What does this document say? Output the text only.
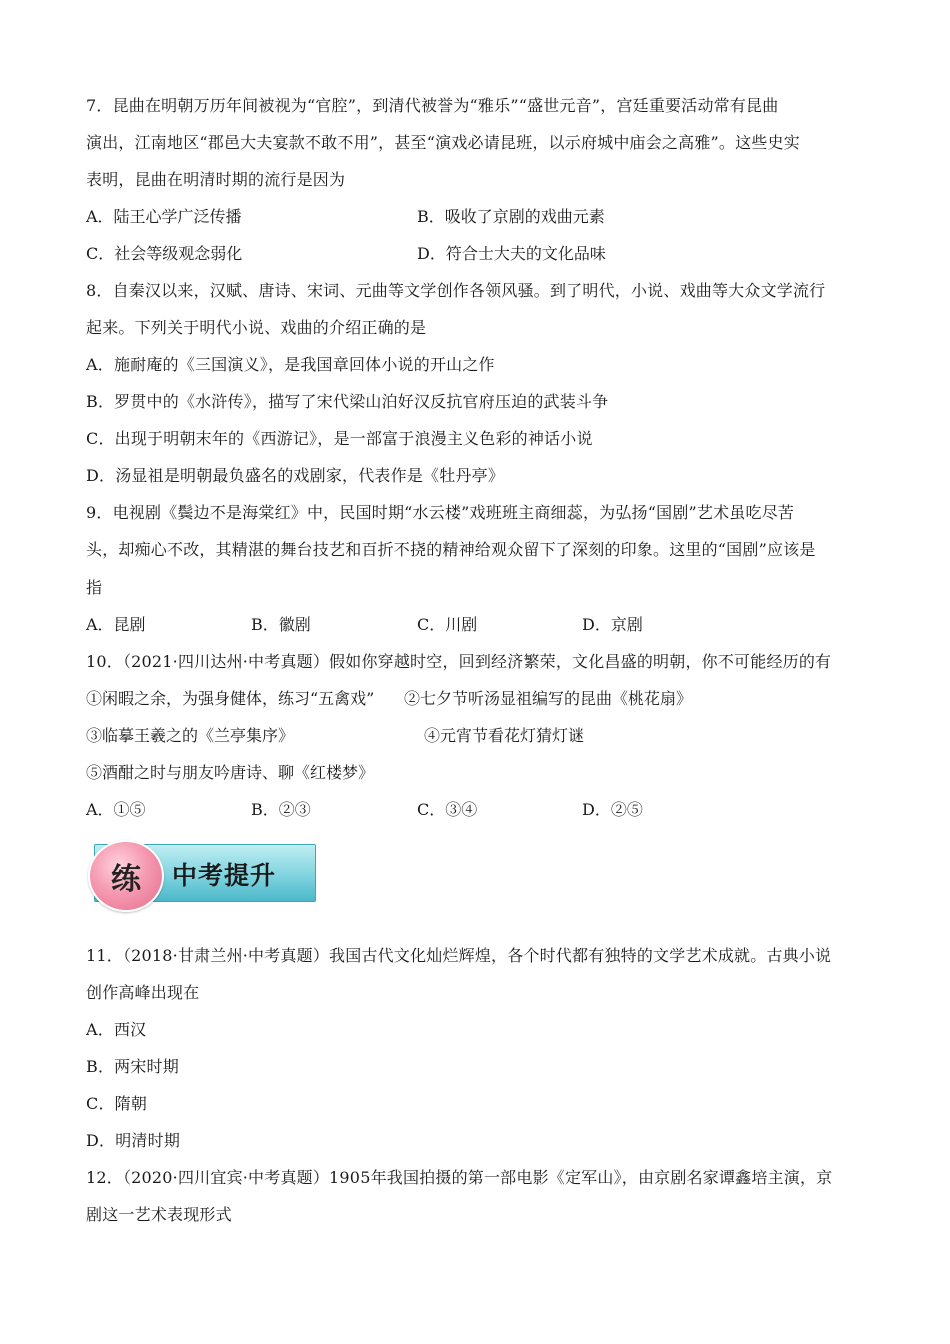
7．昆曲在明朝万历年间被视为“官腔”，到清代被誉为“雅乐”“盛世元音”，宫廷重要活动常有昆曲
演出，江南地区“郡邑大夫宴款不敢不用”，甚至“演戏必请昆班，以示府城中庙会之高雅”。这些史实
表明，昆曲在明清时期的流行是因为
A．陆王心学广泛传播	B．吸收了京剧的戏曲元素
C．社会等级观念弱化	D．符合士大夫的文化品味
8．自秦汉以来，汉赋、唐诗、宋词、元曲等文学创作各领风骚。到了明代，小说、戏曲等大众文学流行
起来。下列关于明代小说、戏曲的介绍正确的是
A．施耐庵的《三国演义》，是我国章回体小说的开山之作
B．罗贯中的《水浒传》，描写了宋代梁山泊好汉反抗官府压迫的武装斗争
C．出现于明朝末年的《西游记》，是一部富于浪漫主义色彩的神话小说
D．汤显祖是明朝最负盛名的戏剧家，代表作是《牡丹亭》
9．电视剧《鬓边不是海棠红》中，民国时期“水云楼”戏班班主商细蕊，为弘扬“国剧”艺术虽吃尽苦
头，却痴心不改，其精湛的舞台技艺和百折不挠的精神给观众留下了深刻的印象。这里的“国剧”应该是
指
A．昆剧	B．徽剧	C．川剧	D．京剧
10．（2021·四川达州·中考真题）假如你穿越时空，回到经济繁荣，文化昌盛的明朝，你不可能经历的有
①闲暇之余，为强身健体，练习“五禽戏” ②七夕节听汤显祖编写的昆曲《桃花扇》
③临摹王羲之的《兰亭集序》	④元宵节看花灯猜灯谜
⑤酒酣之时与朋友吟唐诗、聊《红楼梦》
A．①⑤	B．②③	C．③④	D．②⑤
中考提升
练
11．（2018·甘肃兰州·中考真题）我国古代文化灿烂辉煌，各个时代都有独特的文学艺术成就。古典小说
创作高峰出现在
A．西汉
B．两宋时期
C．隋朝
D．明清时期
12．（2020·四川宜宾·中考真题）1905年我国拍摄的第一部电影《定军山》，由京剧名家谭鑫培主演，京
剧这一艺术表现形式
